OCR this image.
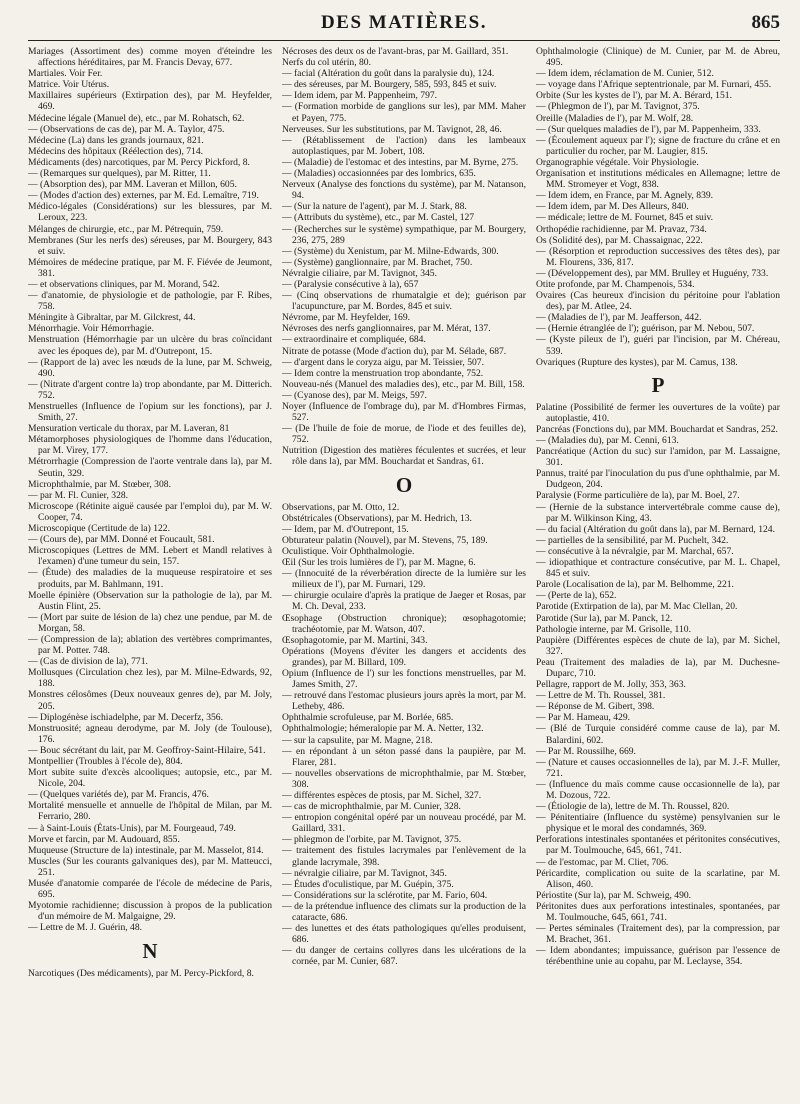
DES MATIÈRES.	865
Mariages (Assortiment des) comme moyen d'éteindre les affections héréditaires, par M. Francis Devay, 677.
Martiales. Voir Fer.
Matrice. Voir Utérus.
Maxillaires supérieurs (Extirpation des), par M. Heyfelder, 469.
Médecine légale (Manuel de), etc., par M. Rohatsch, 62.
— (Observations de cas de), par M. A. Taylor, 475.
Médecine (La) dans les grands journaux, 821.
Médecins des hôpitaux (Réélection des), 714.
Médicaments (des) narcotiques, par M. Percy Pickford, 8.
— (Remarques sur quelques), par M. Ritter, 11.
— (Absorption des), par MM. Laveran et Millon, 605.
— (Modes d'action des) externes, par M. Ed. Lemaître, 719.
Médico-légales (Considérations) sur les blessures, par M. Leroux, 223.
Mélanges de chirurgie, etc., par M. Pétrequin, 759.
Membranes (Sur les nerfs des) séreuses, par M. Bourgery, 843 et suiv.
Mémoires de médecine pratique, par M. F. Fiévée de Jeumont, 381.
— et observations cliniques, par M. Morand, 542.
— d'anatomie, de physiologie et de pathologie, par F. Ribes, 758.
Méningite à Gibraltar, par M. Gilckrest, 44.
Ménorrhagie. Voir Hémorrhagie.
Menstruation (Hémorrhagie par un ulcère du bras coïncidant avec les époques de), par M. d'Outrepont, 15.
— (Rapport de la) avec les nœuds de la lune, par M. Schweig, 490.
— (Nitrate d'argent contre la) trop abondante, par M. Ditterich. 752.
Menstruelles (Influence de l'opium sur les fonctions), par J. Smith, 27.
Mensuration verticale du thorax, par M. Laveran, 81
Métamorphoses physiologiques de l'homme dans l'éducation, par M. Virey, 177.
Métrorrhagie (Compression de l'aorte ventrale dans la), par M. Seutin, 329.
Microphthalmie, par M. Stœber, 308.
— par M. Fl. Cunier, 328.
Microscope (Rétinite aiguë causée par l'emploi du), par M. W. Cooper, 74.
Microscopique (Certitude de la) 122.
— (Cours de), par MM. Donné et Foucault, 581.
Microscopiques (Lettres de MM. Lebert et Mandl relatives à l'examen) d'une tumeur du sein, 157.
— (Étude) des maladies de la muqueuse respiratoire et ses produits, par M. Bahlmann, 191.
Moelle épinière (Observation sur la pathologie de la), par M. Austin Flint, 25.
— (Mort par suite de lésion de la) chez une pendue, par M. de Morgan, 58.
— (Compression de la); ablation des vertèbres comprimantes, par M. Potter. 748.
— (Cas de division de la), 771.
Mollusques (Circulation chez les), par M. Milne-Edwards, 92, 188.
Monstres célosômes (Deux nouveaux genres de), par M. Joly, 205.
— Diplogénèse ischiadelphe, par M. Decerfz, 356.
Monstruosité; agneau derodyme, par M. Joly (de Toulouse), 176.
— Bouc sécrétant du lait, par M. Geoffroy-Saint-Hilaire, 541.
Montpellier (Troubles à l'école de), 804.
Mort subite suite d'excès alcooliques; autopsie, etc., par M. Nicole, 204.
— (Quelques variétés de), par M. Francis, 476.
Mortalité mensuelle et annuelle de l'hôpital de Milan, par M. Ferrario, 280.
— à Saint-Louis (États-Unis), par M. Fourgeaud, 749.
Morve et farcin, par M. Audouard, 855.
Muqueuse (Structure de la) intestinale, par M. Masselot, 814.
Muscles (Sur les courants galvaniques des), par M. Matteucci, 251.
Musée d'anatomie comparée de l'école de médecine de Paris, 695.
Myotomie rachidienne; discussion à propos de la publication d'un mémoire de M. Malgaigne, 29.
— Lettre de M. J. Guérin, 48.
N
Narcotiques (Des médicaments), par M. Percy-Pickford, 8.
Nécroses des deux os de l'avant-bras, par M. Gaillard, 351.
Nerfs du col utérin, 80.
— facial (Altération du goût dans la paralysie du), 124.
— des séreuses, par M. Bourgery, 585, 593, 845 et suiv.
— Idem idem, par M. Pappenheim, 797.
— (Formation morbide de ganglions sur les), par MM. Maher et Payen, 775.
Nerveuses. Sur les substitutions, par M. Tavignot, 28, 46.
— (Rétablissement de l'action) dans les lambeaux autoplastiques, par M. Jobert, 108.
— (Maladie) de l'estomac et des intestins, par M. Byrne, 275.
— (Maladies) occasionnées par des lombrics, 635.
Nerveux (Analyse des fonctions du système), par M. Natanson, 94.
— (Sur la nature de l'agent), par M. J. Stark, 88.
— (Attributs du système), etc., par M. Castel, 127
— (Recherches sur le système) sympathique, par M. Bourgery, 236, 275, 289
— (Système) du Xenistum, par M. Milne-Edwards, 300.
— (Système) ganglionnaire, par M. Brachet, 750.
Névralgie ciliaire, par M. Tavignot, 345.
— (Paralysie consécutive à la), 657
— (Cinq observations de rhumatalgie et de); guérison par l'acupuncture, par M. Bordes, 845 et suiv.
Névrome, par M. Heyfelder, 169.
Névroses des nerfs ganglionnaires, par M. Mérat, 137.
— extraordinaire et compliquée, 684.
Nitrate de potasse (Mode d'action du), par M. Sélade, 687.
— d'argent dans le coryza aigu, par M. Teissier, 507.
— Idem contre la menstruation trop abondante, 752.
Nouveau-nés (Manuel des maladies des), etc., par M. Bill, 158.
— (Cyanose des), par M. Meigs, 597.
Noyer (Influence de l'ombrage du), par M. d'Hombres Firmas, 527.
— (De l'huile de foie de morue, de l'iode et des feuilles de), 752.
Nutrition (Digestion des matières féculentes et sucrées, et leur rôle dans la), par MM. Bouchardat et Sandras, 61.
O
Observations, par M. Otto, 12.
Obstétricales (Observations), par M. Hedrich, 13.
— Idem, par M. d'Outrepont, 15.
Obturateur palatin (Nouvel), par M. Stevens, 75, 189.
Oculistique. Voir Ophthalmologie.
Œil (Sur les trois lumières de l'), par M. Magne, 6.
— (Innocuité de la réverbération directe de la lumière sur les milieux de l'), par M. Furnari, 129.
— chirurgie oculaire d'après la pratique de Jaeger et Rosas, par M. Ch. Deval, 233.
Œsophage (Obstruction chronique); œsophagotomie; trachéotomie, par M. Watson, 407.
Œsophagotomie, par M. Martini, 343.
Opérations (Moyens d'éviter les dangers et accidents des grandes), par M. Billard, 109.
Opium (Influence de l') sur les fonctions menstruelles, par M. James Smith, 27.
— retrouvé dans l'estomac plusieurs jours après la mort, par M. Letheby, 486.
Ophthalmie scrofuleuse, par M. Borlée, 685.
Ophthalmologie; hémeralopie par M. A. Netter, 132.
— sur la capsulite, par M. Magne, 218.
— en répondant à un séton passé dans la paupière, par M. Flarer, 281.
— nouvelles observations de microphthalmie, par M. Stœber, 308.
— différentes espèces de ptosis, par M. Sichel, 327.
— cas de microphthalmie, par M. Cunier, 328.
— entropion congénital opéré par un nouveau procédé, par M. Gaillard, 331.
— phlegmon de l'orbite, par M. Tavignot, 375.
— traitement des fistules lacrymales par l'enlèvement de la glande lacrymale, 398.
— névralgie ciliaire, par M. Tavignot, 345.
— Études d'oculistique, par M. Guépin, 375.
— Considérations sur la sclérotite, par M. Fario, 604.
— de la prétendue influence des climats sur la production de la cataracte, 686.
— des lunettes et des états pathologiques qu'elles produisent, 686.
— du danger de certains collyres dans les ulcérations de la cornée, par M. Cunier, 687.
Ophthalmologie (Clinique) de M. Cunier, par M. de Abreu, 495.
— Idem idem, réclamation de M. Cunier, 512.
— voyage dans l'Afrique septentrionale, par M. Furnari, 455.
Orbite (Sur les kystes de l'), par M. A. Bérard, 151.
— (Phlegmon de l'), par M. Tavignot, 375.
Oreille (Maladies de l'), par M. Wolf, 28.
— (Sur quelques maladies de l'), par M. Pappenheim, 333.
— (Écoulement aqueux par l'); signe de fracture du crâne et en particulier du rocher, par M. Laugier, 815.
Organographie végétale. Voir Physiologie.
Organisation et institutions médicales en Allemagne; lettre de MM. Stromeyer et Vogt, 838.
— Idem idem, en France, par M. Agnely, 839.
— Idem idem, par M. Des Alleurs, 840.
— médicale; lettre de M. Fournet, 845 et suiv.
Orthopédie rachidienne, par M. Pravaz, 734.
Os (Solidité des), par M. Chassaignac, 222.
— (Résorption et reproduction successives des têtes des), par M. Flourens, 336, 817.
— (Développement des), par MM. Brulley et Huguény, 733.
Otite profonde, par M. Champenois, 534.
Ovaires (Cas heureux d'incision du péritoine pour l'ablation des), par M. Atlee, 24.
— (Maladies de l'), par M. Jeafferson, 442.
— (Hernie étranglée de l'); guérison, par M. Nebou, 507.
— (Kyste pileux de l'), guéri par l'incision, par M. Chéreau, 539.
Ovariques (Rupture des kystes), par M. Camus, 138.
P
Palatine (Possibilité de fermer les ouvertures de la voûte) par autoplastie, 410.
Pancréas (Fonctions du), par MM. Bouchardat et Sandras, 252.
— (Maladies du), par M. Cenni, 613.
Pancréatique (Action du suc) sur l'amidon, par M. Lassaigne, 301.
Pannus, traité par l'inoculation du pus d'une ophthalmie, par M. Dudgeon, 204.
Paralysie (Forme particulière de la), par M. Boel, 27.
— (Hernie de la substance intervertébrale comme cause de), par M. Wilkinson King, 43.
— du facial (Altération du goût dans la), par M. Bernard, 124.
— partielles de la sensibilité, par M. Puchelt, 342.
— consécutive à la névralgie, par M. Marchal, 657.
— idiopathique et contracture consécutive, par M. L. Chapel, 845 et suiv.
Parole (Localisation de la), par M. Belhomme, 221.
— (Perte de la), 652.
Parotide (Extirpation de la), par M. Mac Clellan, 20.
Parotide (Sur la), par M. Panck, 12.
Pathologie interne, par M. Grisolle, 110.
Paupière (Différentes espèces de chute de la), par M. Sichel, 327.
Peau (Traitement des maladies de la), par M. Duchesne-Duparc, 710.
Pellagre, rapport de M. Jolly, 353, 363.
— Lettre de M. Th. Roussel, 381.
— Réponse de M. Gibert, 398.
— Par M. Hameau, 429.
— (Blé de Turquie considéré comme cause de la), par M. Balardini, 602.
— Par M. Roussilhe, 669.
— (Nature et causes occasionnelles de la), par M. J.-F. Muller, 721.
— (Influence du maïs comme cause occasionnelle de la), par M. Dozous, 722.
— (Étiologie de la), lettre de M. Th. Roussel, 820.
— Pénitentiaire (Influence du système) pensylvanien sur le physique et le moral des condamnés, 369.
Perforations intestinales spontanées et péritonites consécutives, par M. Toulmouche, 645, 661, 741.
— de l'estomac, par M. Cliet, 706.
Péricardite, complication ou suite de la scarlatine, par M. Alison, 460.
Périostite (Sur la), par M. Schweig, 490.
Péritonites dues aux perforations intestinales, spontanées, par M. Toulmouche, 645, 661, 741.
— Pertes séminales (Traitement des), par la compression, par M. Brachet, 361.
— Idem abondantes; impuissance, guérison par l'essence de térébenthine unie au copahu, par M. Leclayse, 354.
